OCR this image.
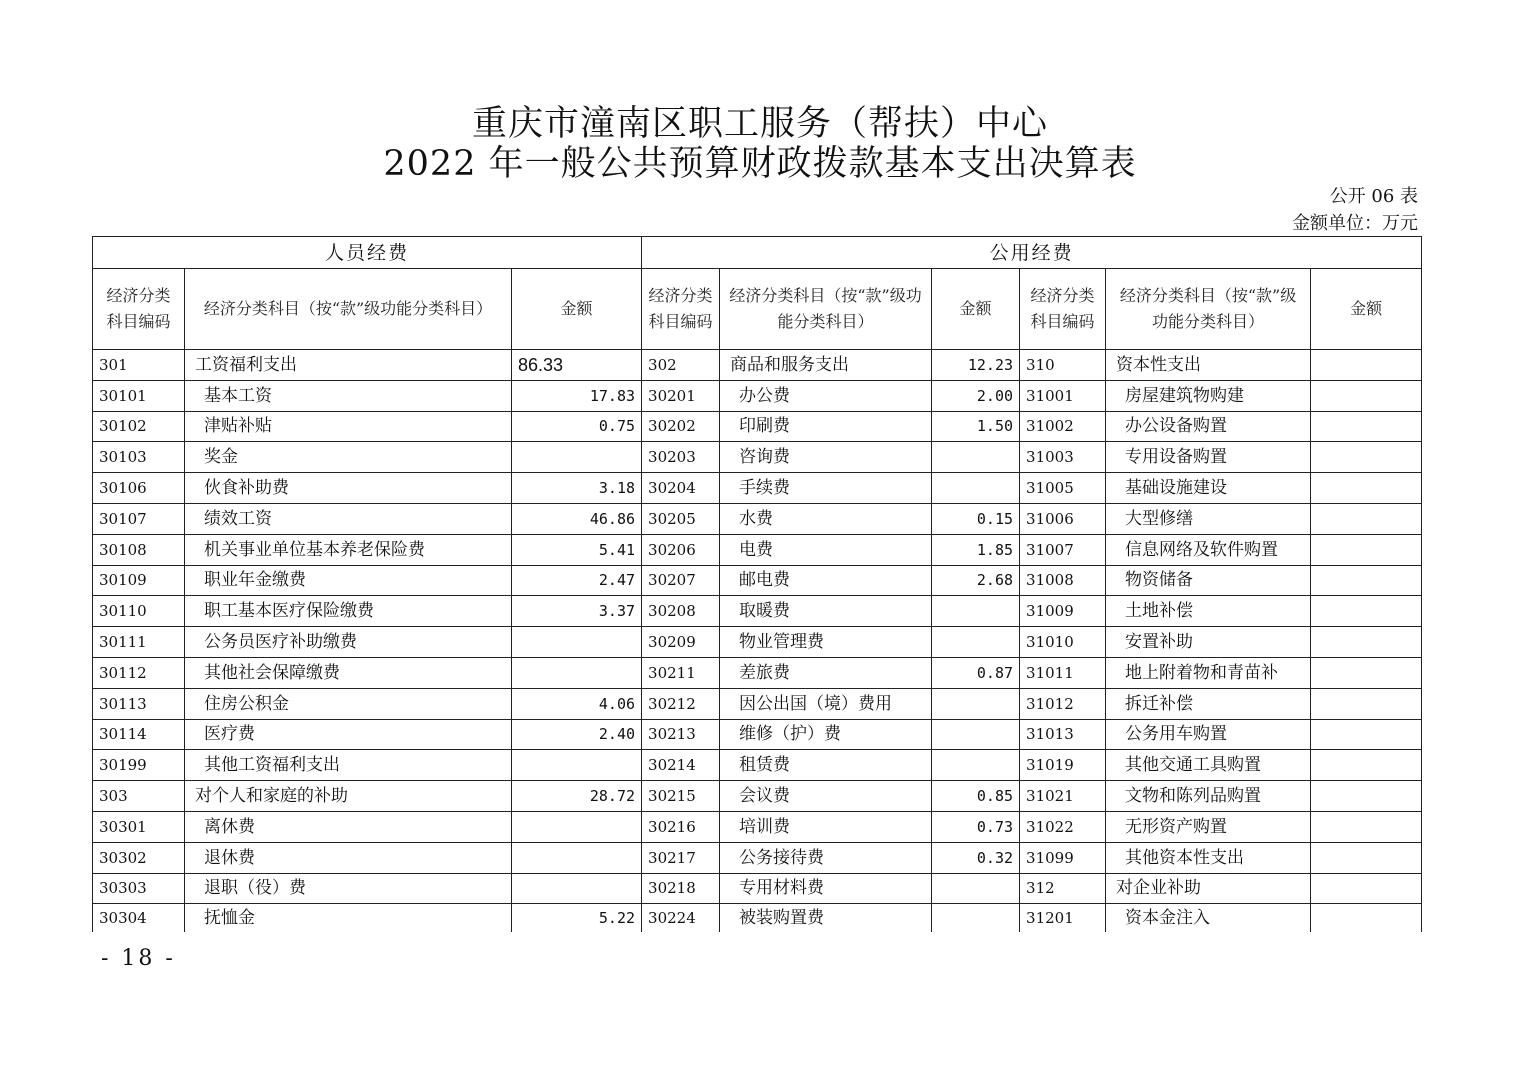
重庆市潼南区职工服务（帮扶）中心
2022 年一般公共预算财政拨款基本支出决算表
公开 06 表
金额单位：万元
人员经费			公用经费					
经济分类科目编码	经济分类科目（按“款”级功能分类科目）	金额	经济分类科目编码	经济分类科目（按“款”级功能分类科目）	金额	经济分类科目编码	经济分类科目（按“款”级功能分类科目）	金额
301	工资福利支出	86.33	302	商品和服务支出	12.23	310	资本性支出	
30101	基本工资	17.83	30201	办公费	2.00	31001	房屋建筑物购建	
30102	津贴补贴	0.75	30202	印刷费	1.50	31002	办公设备购置	
30103	奖金		30203	咨询费		31003	专用设备购置	
30106	伙食补助费	3.18	30204	手续费		31005	基础设施建设	
30107	绩效工资	46.86	30205	水费	0.15	31006	大型修缮	
30108	机关事业单位基本养老保险费	5.41	30206	电费	1.85	31007	信息网络及软件购置	
30109	职业年金缴费	2.47	30207	邮电费	2.68	31008	物资储备	
30110	职工基本医疗保险缴费	3.37	30208	取暖费		31009	土地补偿	
30111	公务员医疗补助缴费		30209	物业管理费		31010	安置补助	
30112	其他社会保障缴费		30211	差旅费	0.87	31011	地上附着物和青苗补	
30113	住房公积金	4.06	30212	因公出国（境）费用		31012	拆迁补偿	
30114	医疗费	2.40	30213	维修（护）费		31013	公务用车购置	
30199	其他工资福利支出		30214	租赁费		31019	其他交通工具购置	
303	对个人和家庭的补助	28.72	30215	会议费	0.85	31021	文物和陈列品购置	
30301	离休费		30216	培训费	0.73	31022	无形资产购置	
30302	退休费		30217	公务接待费	0.32	31099	其他资本性支出	
30303	退职（役）费		30218	专用材料费		312	对企业补助	
30304	抚恤金	5.22	30224	被装购置费		31201	资本金注入	
- 18 -
